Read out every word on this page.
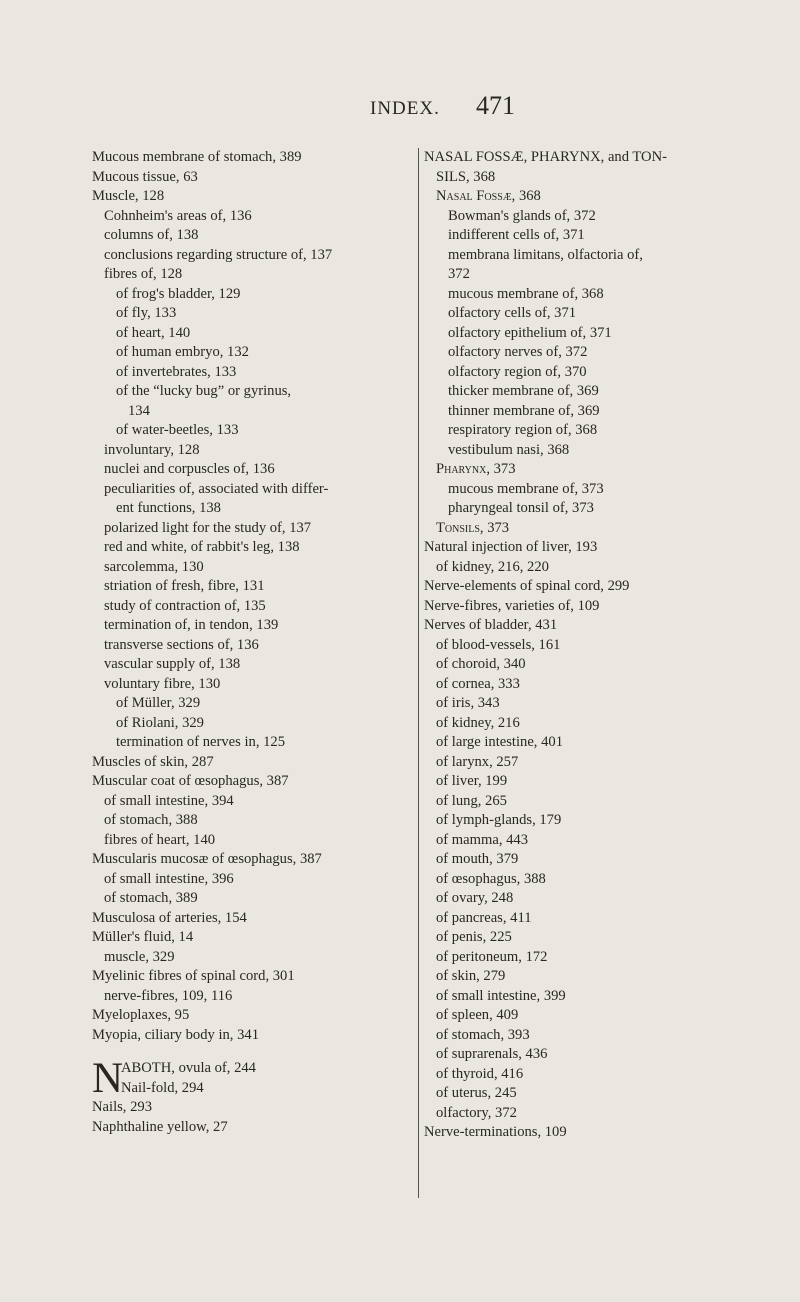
INDEX. 471
Mucous membrane of stomach, 389
Mucous tissue, 63
Muscle, 128
Cohnheim's areas of, 136
columns of, 138
conclusions regarding structure of, 137
fibres of, 128
of frog's bladder, 129
of fly, 133
of heart, 140
of human embryo, 132
of invertebrates, 133
of the “lucky bug” or gyrinus,
134
of water-beetles, 133
involuntary, 128
nuclei and corpuscles of, 136
peculiarities of, associated with differ-
ent functions, 138
polarized light for the study of, 137
red and white, of rabbit's leg, 138
sarcolemma, 130
striation of fresh, fibre, 131
study of contraction of, 135
termination of, in tendon, 139
transverse sections of, 136
vascular supply of, 138
voluntary fibre, 130
of Müller, 329
of Riolani, 329
termination of nerves in, 125
Muscles of skin, 287
Muscular coat of œsophagus, 387
of small intestine, 394
of stomach, 388
fibres of heart, 140
Muscularis mucosæ of œsophagus, 387
of small intestine, 396
of stomach, 389
Musculosa of arteries, 154
Müller's fluid, 14
muscle, 329
Myelinic fibres of spinal cord, 301
nerve-fibres, 109, 116
Myeloplaxes, 95
Myopia, ciliary body in, 341
N
ABOTH, ovula of, 244
Nail-fold, 294
Nails, 293
Naphthaline yellow, 27
NASAL FOSSÆ, PHARYNX, and TON-
SILS, 368
Nasal Fossæ, 368
Bowman's glands of, 372
indifferent cells of, 371
membrana limitans, olfactoria of,
372
mucous membrane of, 368
olfactory cells of, 371
olfactory epithelium of, 371
olfactory nerves of, 372
olfactory region of, 370
thicker membrane of, 369
thinner membrane of, 369
respiratory region of, 368
vestibulum nasi, 368
Pharynx, 373
mucous membrane of, 373
pharyngeal tonsil of, 373
Tonsils, 373
Natural injection of liver, 193
of kidney, 216, 220
Nerve-elements of spinal cord, 299
Nerve-fibres, varieties of, 109
Nerves of bladder, 431
of blood-vessels, 161
of choroid, 340
of cornea, 333
of iris, 343
of kidney, 216
of large intestine, 401
of larynx, 257
of liver, 199
of lung, 265
of lymph-glands, 179
of mamma, 443
of mouth, 379
of œsophagus, 388
of ovary, 248
of pancreas, 411
of penis, 225
of peritoneum, 172
of skin, 279
of small intestine, 399
of spleen, 409
of stomach, 393
of suprarenals, 436
of thyroid, 416
of uterus, 245
olfactory, 372
Nerve-terminations, 109
